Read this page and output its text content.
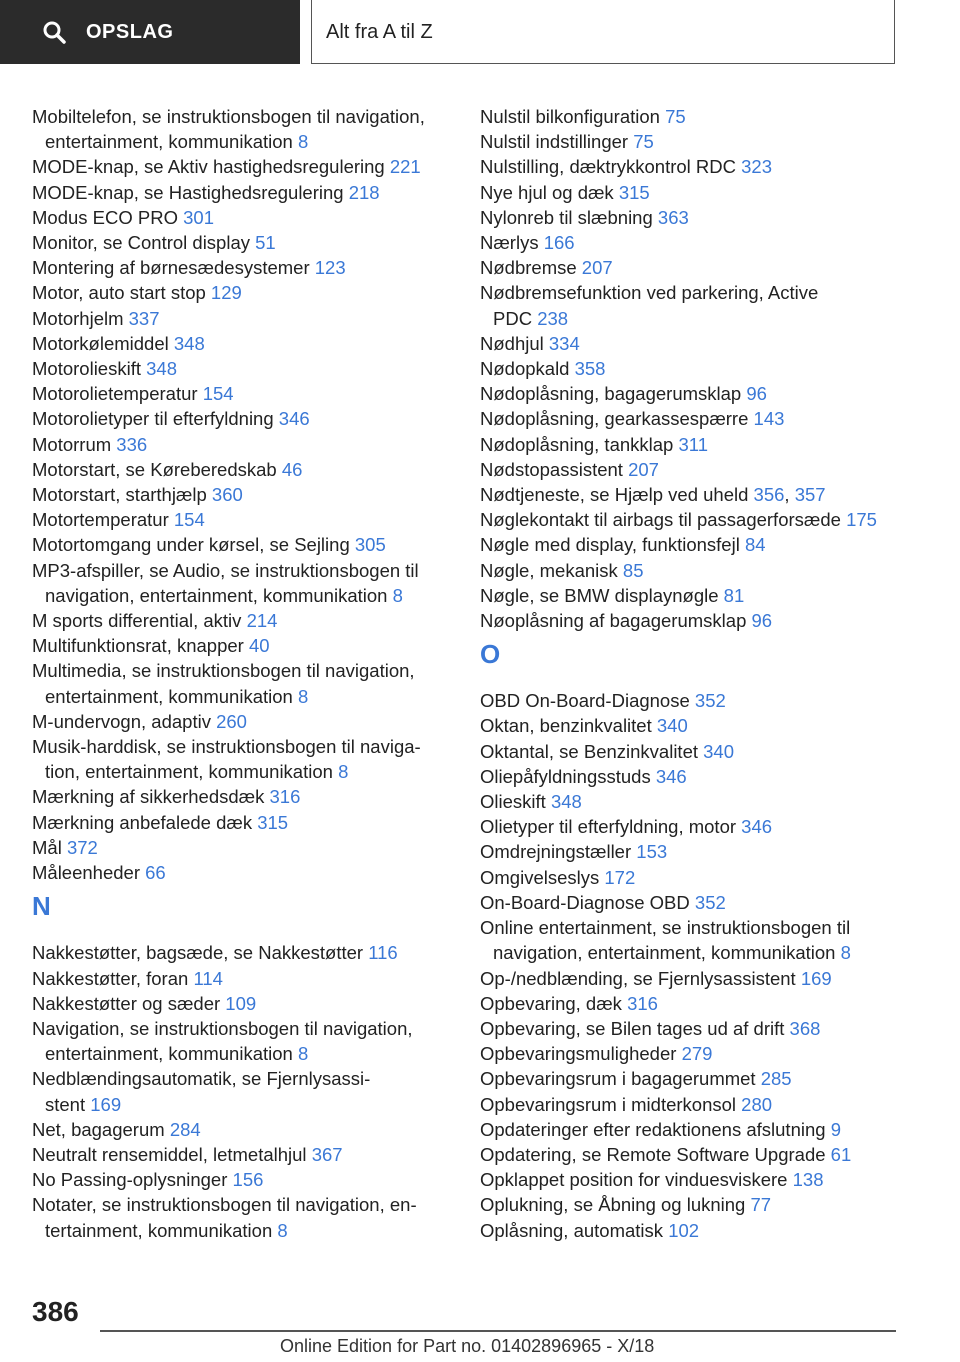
OPSLAG	Alt fra A til Z
Mobiltelefon, se instruktionsbogen til navigation,
entertainment, kommunikation 8
MODE-knap, se Aktiv hastighedsregulering 221
MODE-knap, se Hastighedsregulering 218
Modus ECO PRO 301
Monitor, se Control display 51
Montering af børnesædesystemer 123
Motor, auto start stop 129
Motorhjelm 337
Motorkølemiddel 348
Motorolieskift 348
Motorolietemperatur 154
Motorolietyper til efterfyldning 346
Motorrum 336
Motorstart, se Køreberedskab 46
Motorstart, starthjælp 360
Motortemperatur 154
Motortomgang under kørsel, se Sejling 305
MP3-afspiller, se Audio, se instruktionsbogen til
navigation, entertainment, kommunikation 8
M sports differential, aktiv 214
Multifunktionsrat, knapper 40
Multimedia, se instruktionsbogen til navigation,
entertainment, kommunikation 8
M-undervogn, adaptiv 260
Musik-harddisk, se instruktionsbogen til naviga-
tion, entertainment, kommunikation 8
Mærkning af sikkerhedsdæk 316
Mærkning anbefalede dæk 315
Mål 372
Måleenheder 66
N
Nakkestøtter, bagsæde, se Nakkestøtter 116
Nakkestøtter, foran 114
Nakkestøtter og sæder 109
Navigation, se instruktionsbogen til navigation,
entertainment, kommunikation 8
Nedblændingsautomatik, se Fjernlysassi-
stent 169
Net, bagagerum 284
Neutralt rensemiddel, letmetalhjul 367
No Passing-oplysninger 156
Notater, se instruktionsbogen til navigation, en-
tertainment, kommunikation 8
Nulstil bilkonfiguration 75
Nulstil indstillinger 75
Nulstilling, dæktrykkontrol RDC 323
Nye hjul og dæk 315
Nylonreb til slæbning 363
Nærlys 166
Nødbremse 207
Nødbremsefunktion ved parkering, Active
PDC 238
Nødhjul 334
Nødopkald 358
Nødoplåsning, bagagerumsklap 96
Nødoplåsning, gearkassespærre 143
Nødoplåsning, tankklap 311
Nødstopassistent 207
Nødtjeneste, se Hjælp ved uheld 356, 357
Nøglekontakt til airbags til passagerforsæde 175
Nøgle med display, funktionsfejl 84
Nøgle, mekanisk 85
Nøgle, se BMW displaynøgle 81
Nøoplåsning af bagagerumsklap 96
O
OBD On-Board-Diagnose 352
Oktan, benzinkvalitet 340
Oktantal, se Benzinkvalitet 340
Oliepåfyldningsstuds 346
Olieskift 348
Olietyper til efterfyldning, motor 346
Omdrejningstæller 153
Omgivelseslys 172
On-Board-Diagnose OBD 352
Online entertainment, se instruktionsbogen til
navigation, entertainment, kommunikation 8
Op-/nedblænding, se Fjernlysassistent 169
Opbevaring, dæk 316
Opbevaring, se Bilen tages ud af drift 368
Opbevaringsmuligheder 279
Opbevaringsrum i bagagerummet 285
Opbevaringsrum i midterkonsol 280
Opdateringer efter redaktionens afslutning 9
Opdatering, se Remote Software Upgrade 61
Opklappet position for vinduesviskere 138
Oplukning, se Åbning og lukning 77
Oplåsning, automatisk 102
386
Online Edition for Part no. 01402896965 - X/18
